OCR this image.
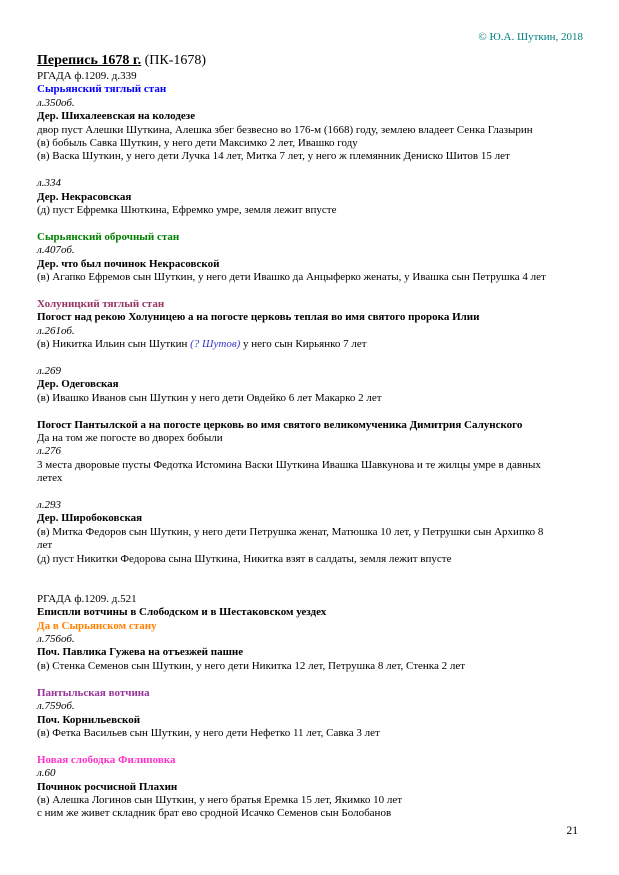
© Ю.А. Шуткин, 2018
Перепись 1678 г. (ПК-1678)
РГАДА ф.1209. д.339
Сырьянский тяглый стан
л.350об.
Дер. Шихалеевская на колодезе
двор пуст Алешки Шуткина, Алешка збег безвесно во 176-м (1668) году, землею владеет Сенка Глазырин
(в) бобыль Савка Шуткин, у него дети Максимко 2 лет, Ивашко году
(в) Васка Шуткин, у него дети Лучка 14 лет, Митка 7 лет, у него ж племянник Дениско Шитов 15 лет

л.334
Дер. Некрасовская
(д) пуст Ефремка Шюткина, Ефремко умре, земля лежит впусте

Сырьянский оброчный стан
л.407об.
Дер. что был починок Некрасовской
(в) Агапко Ефремов сын Шуткин, у него дети Ивашко да Анцыферко женаты, у Ивашка сын Петрушка 4 лет

Холуницкий тяглый стан
Погост над рекою Холуницею а на погосте церковь теплая во имя святого пророка Илии
л.261об.
(в) Никитка Ильин сын Шуткин (? Шутов) у него сын Кирьянко 7 лет

л.269
Дер. Одеговская
(в) Ивашко Иванов сын Шуткин у него дети Овдейко 6 лет Макарко 2 лет

Погост Пантылской а на погосте церковь во имя святого великомученика Димитрия Салунского
Да на том же погосте во дворех бобыли
л.276
3 места дворовые пусты Федотка Истомина Васки Шуткина Ивашка Шавкунова и те жилцы умре в давных
летех

л.293
Дер. Широбоковская
(в) Митка Федоров сын Шуткин, у него дети Петрушка женат, Матюшка 10 лет, у Петрушки сын Архипко 8
лет
(д) пуст Никитки Федорова сына Шуткина, Никитка взят в салдаты, земля лежит впусте

РГАДА ф.1209. д.521
Еписпли вотчины в Слободском и в Шестаковском уездех
Да в Сырьянском стану
л.756об.
Поч. Павлика Гужева на отъезжей пашне
(в) Стенка Семенов сын Шуткин, у него дети Никитка 12 лет, Петрушка 8 лет, Стенка 2 лет

Пантыльская вотчина
л.759об.
Поч. Корнильевской
(в) Фетка Васильев сын Шуткин, у него дети Нефетко 11 лет, Савка 3 лет

Новая слободка Филиповка
л.60
Починок росчисной Плахин
(в) Алешка Логинов сын Шуткин, у него братья Еремка 15 лет, Якимко 10 лет
с ним же живет складник брат ево сродной Исачко Семенов сын Болобанов
21
